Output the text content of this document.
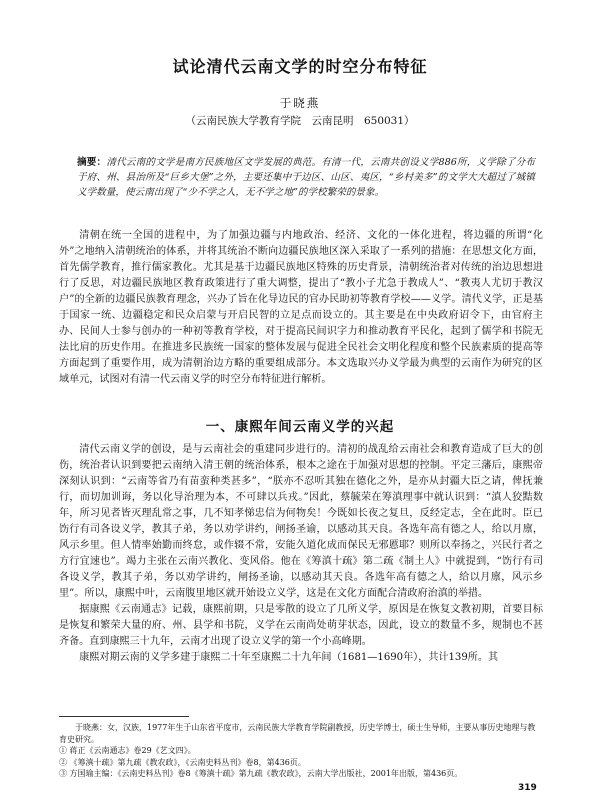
试论清代云南文学的时空分布特征
于晓燕
（云南民族大学教育学院　云南昆明　650031）
摘要：清代云南的文学是南方民族地区文学发展的典范。有清一代，云南共创设义学886所，义学除了分布于府、州、县治所及“巨乡大堡”之外，主要还集中于边区、山区、夷区，“乡村美多”的文学大大超过了城镇义学数量，使云南出现了“少不学之人，无不学之地”的学校繁荣的景象。

清朝在统一全国的进程中，为了加强边疆与内地政治、经济、文化的一体化进程，将边疆的所谓“化外”之地纳入清朝统治的体系，并将其统治不断向边疆民族地区深入采取了一系列的措施：在思想文化方面，首先儒学教育，推行儒家教化。尤其是基于边疆民族地区特殊的历史背景，清朝统治者对传统的治边思想进行了反思，对边疆民族地区教育政策进行了重大调整，提出了“教小子尤急于教成人”、“教夷人尤切于教汉户”的全新的边疆民族教育理念，兴办了旨在化导边民的官办民助初等教育学校——义学。清代义学，正是基于国家一统、边疆稳定和民众启蒙与开启民智的立足点而设立的。其主要是在中央政府诏令下，由官府主办、民间人士参与创办的一种初等教育学校，对于提高民间识字力和推动教育平民化，起到了儒学和书院无法比肩的历史作用。在推进多民族统一国家的整体发展与促进全民社会文明化程度和整个民族素质的提高等方面起到了重要作用，成为清朝治边方略的重要组成部分。本文选取兴办义学最为典型的云南作为研究的区域单元，试图对有清一代云南义学的时空分布特征进行解析。

一、康熙年间云南义学的兴起

清代云南义学的创设，是与云南社会的重建同步进行的。清初的战乱给云南社会和教育造成了巨大的创伤，统治者认识到要把云南纳入清王朝的统治体系，根本之途在于加强对思想的控制。平定三藩后，康熙帝深刻认识到：“云南等省乃有苗蛮种类甚多”，“朕亦不忍听其独在德化之外，是亦从封疆大臣之请，俾抚兼行，而切加训诲，务以化导治理为本，不可肆以兵戎。”因此，蔡毓荣在筹滇理事中就认识到：“滇人狡黠数年，所习见者皆灭理乱常之事，几不知孝悌忠信为何物矣！今既如长夜之复旦，反经定志，全在此时。臣已饬行有司各设义学，教其子弟，务以劝学讲约，闸扬圣谕，以感动其天良。各选年高有德之人，给以月廪，风示乡里。但人情率始勤而终怠，或作辍不常，安能久道化成而保民无邪慝耶？则所以奉扬之，兴民行者之方行宜速也”。竭力主张在云南兴教化、变风俗。他在《筹滇十疏》第二疏《制土人》中就提到，“饬行有司各设义学，教其子弟，务以劝学讲约，闸扬圣谕，以感动其天良。各选年高有德之人，给以月廪，风示乡里”。所以，康熙中叶，云南腹里地区就开始设立义学，这是在文化方面配合清政府治滇的举措。

据康熙《云南通志》记载，康熙前期，只是零散的设立了几所义学，原因是在恢复文教初期，首要目标是恢复和繁荣大量的府、州、县学和书院，义学在云南尚处萌芽状态，因此，设立的数量不多，规制也不甚齐备。直到康熙三十九年，云南才出现了设立义学的第一个小高峰期。

康熙对期云南的义学多建于康熙二十年至康熙二十九年间（1681—1690年），共计139所。其

于晓燕：女，汉族，1977年生于山东省平度市，云南民族大学教育学院副教授，历史学博士，硕士生导师，主要从事历史地理与教育史研究。

① 蒋正《云南通志》卷29《艺文四》。

② 《筹滇十疏》第九疏《教农政》，《云南史料丛刊》卷8，第436页。

③ 方国瑜主编：《云南史料丛刊》卷8《筹滇十疏》第九疏《教农政》，云南大学出版社，2001年出版，第436页。

319
